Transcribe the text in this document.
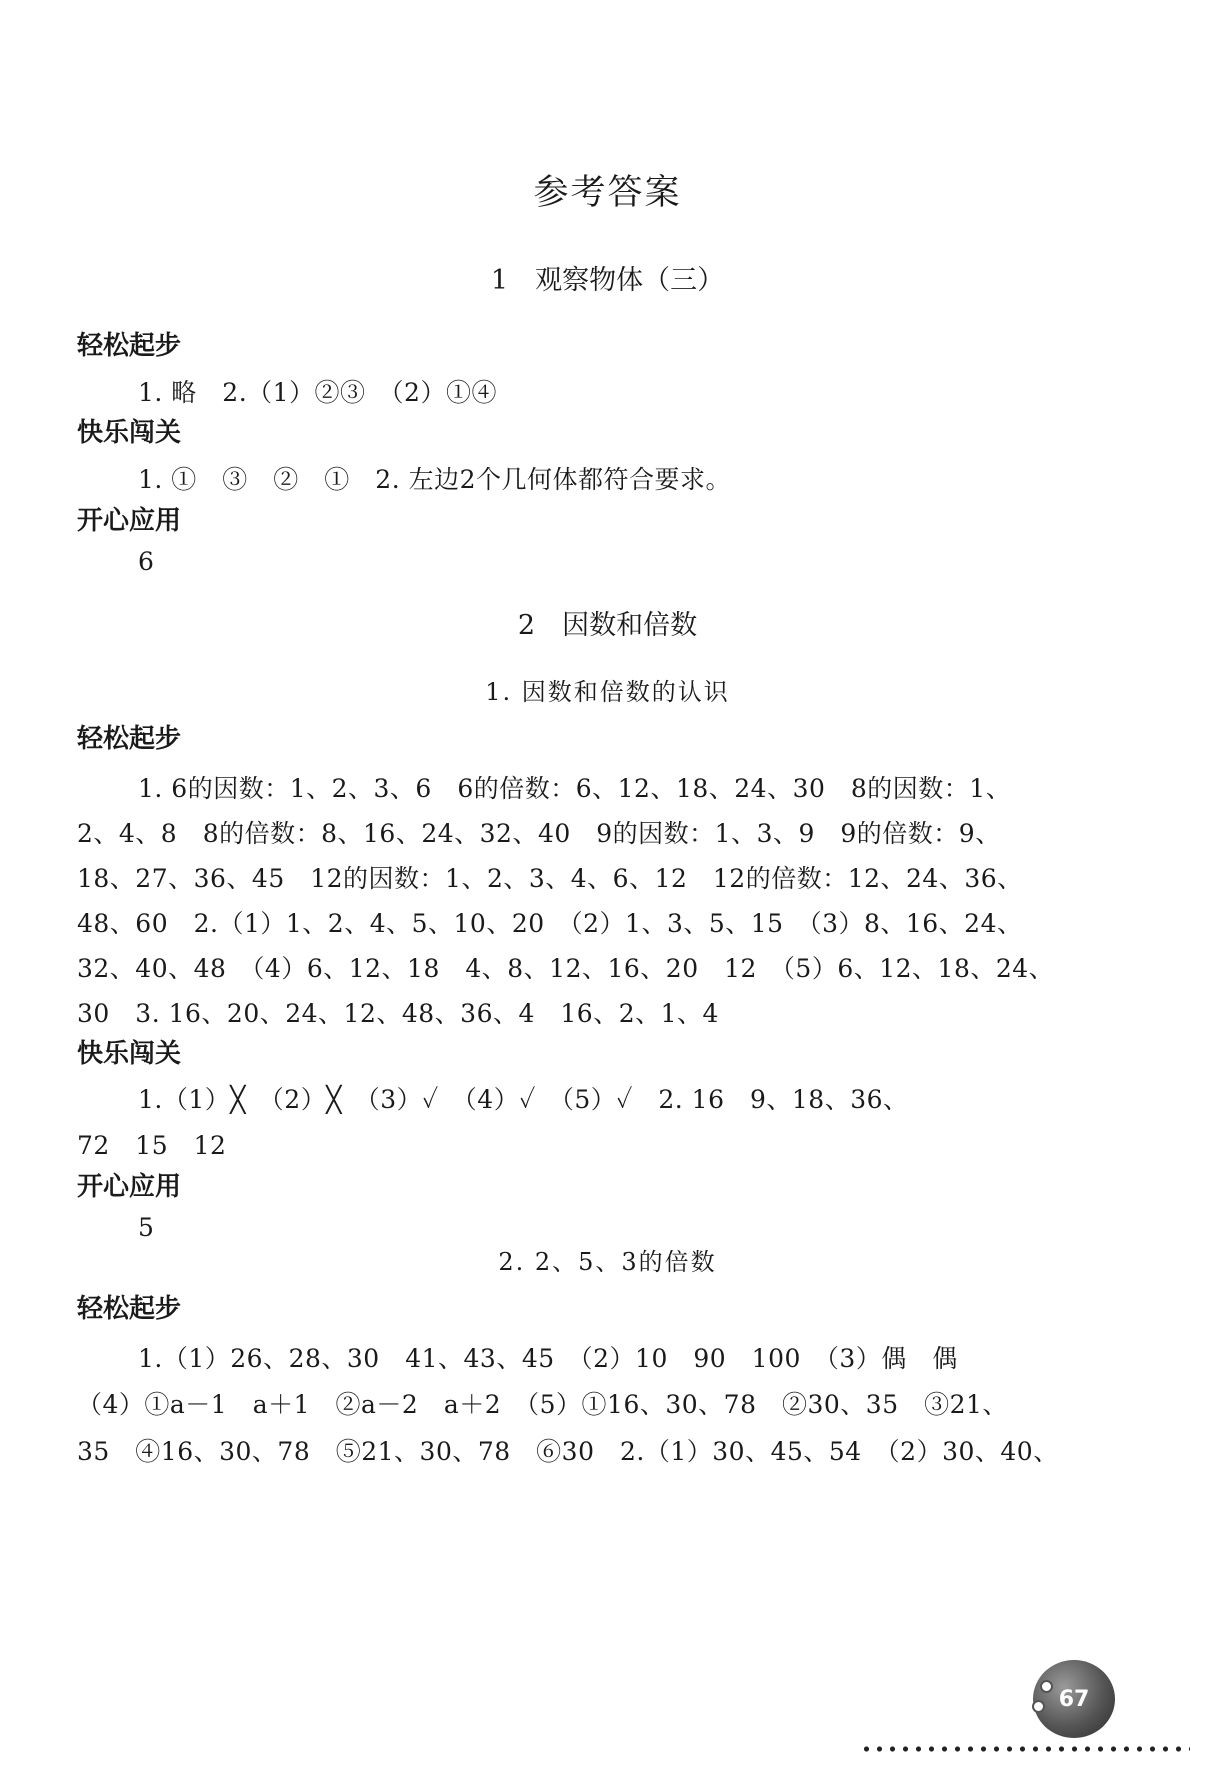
参考答案
1　观察物体（三）
轻松起步
1. 略　2.（1）②③　（2）①④
快乐闯关
1. ①　③　②　①　2. 左边2个几何体都符合要求。
开心应用
6
2　因数和倍数
1. 因数和倍数的认识
轻松起步
1. 6的因数：1、2、3、6　6的倍数：6、12、18、24、30　8的因数：1、
2、4、8　8的倍数：8、16、24、32、40　9的因数：1、3、9　9的倍数：9、
18、27、36、45　12的因数：1、2、3、4、6、12　12的倍数：12、24、36、
48、60　2.（1）1、2、4、5、10、20　（2）1、3、5、15　（3）8、16、24、
32、40、48　（4）6、12、18　4、8、12、16、20　12　（5）6、12、18、24、
30　3. 16、20、24、12、48、36、4　16、2、1、4
快乐闯关
1.（1）╳　（2）╳　（3）✓　（4）✓　（5）✓　2. 16　9、18、36、
72　15　12
开心应用
5
2. 2、5、3的倍数
轻松起步
1.（1）26、28、30　41、43、45　（2）10　90　100　（3）偶　偶
（4）①a－1　a＋1　②a－2　a＋2　（5）①16、30、78　②30、35　③21、
35　④16、30、78　⑤21、30、78　⑥30　2.（1）30、45、54　（2）30、40、
67
